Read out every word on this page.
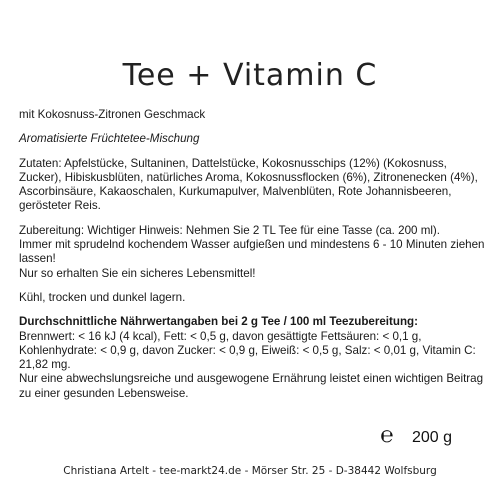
Tee + Vitamin C

mit Kokosnuss-Zitronen Geschmack

Aromatisierte Früchtetee-Mischung

Zutaten: Apfelstücke, Sultaninen, Dattelstücke, Kokosnusschips (12%) (Kokosnuss, Zucker), Hibiskusblüten, natürliches Aroma, Kokosnussflocken (6%), Zitronenecken (4%), Ascorbinsäure, Kakaoschalen, Kurkumapulver, Malvenblüten, Rote Johannisbeeren, gerösteter Reis.

Zubereitung: Wichtiger Hinweis: Nehmen Sie 2 TL Tee für eine Tasse (ca. 200 ml).

Immer mit sprudelnd kochendem Wasser aufgießen und mindestens 6 - 10 Minuten ziehen lassen!

Nur so erhalten Sie ein sicheres Lebensmittel!

Kühl, trocken und dunkel lagern.

Durchschnittliche Nährwertangaben bei 2 g Tee / 100 ml Teezubereitung:

Brennwert: < 16 kJ (4 kcal), Fett: < 0,5 g, davon gesättigte Fettsäuren: < 0,1 g, Kohlenhydrate: < 0,9 g, davon Zucker: < 0,9 g, Eiweiß: < 0,5 g, Salz: < 0,01 g, Vitamin C: 21,82 mg.

Nur eine abwechslungsreiche und ausgewogene Ernährung leistet einen wichtigen Beitrag zu einer gesunden Lebensweise.

℮ 200 g
Christiana Artelt - tee-markt24.de - Mörser Str. 25 - D-38442 Wolfsburg
